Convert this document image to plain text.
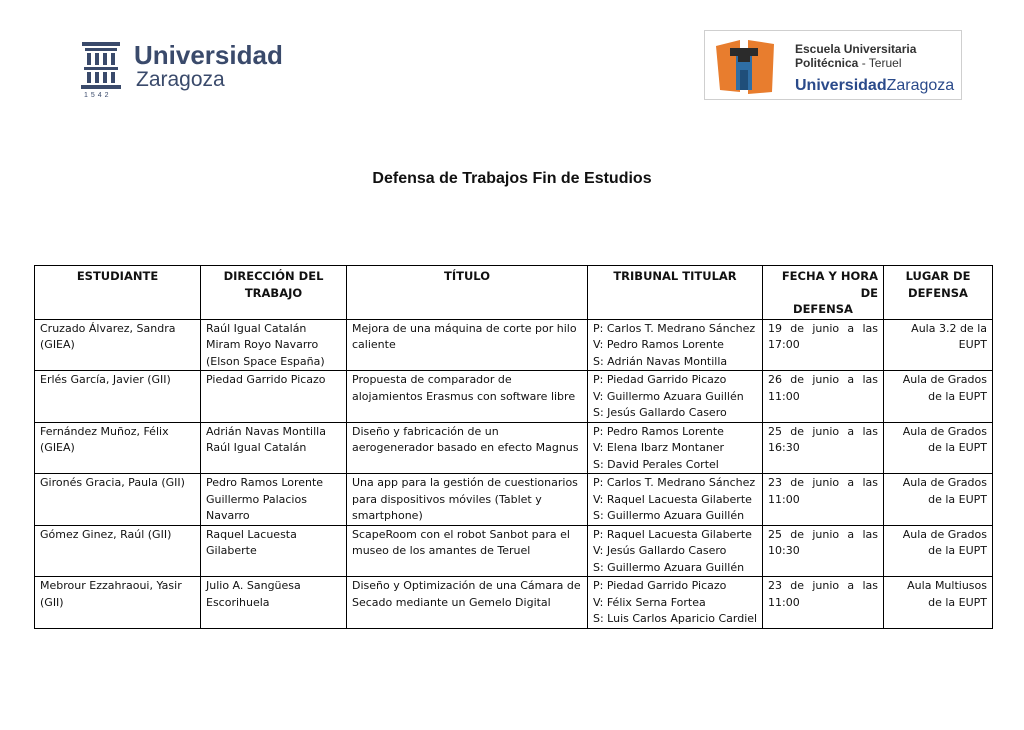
Universidad
Zaragoza
1542
Escuela Universitaria
Politécnica - Teruel
UniversidadZaragoza
Defensa de Trabajos Fin de Estudios
ESTUDIANTE	DIRECCIÓN DEL
TRABAJO	TÍTULO	TRIBUNAL TITULAR	FECHA Y HORA DE
DEFENSA	LUGAR DE
DEFENSA

Cruzado Álvarez, Sandra (GIEA)	Raúl Igual Catalán
Miram Royo Navarro
(Elson Space España)	Mejora de una máquina de corte por hilo caliente	P: Carlos T. Medrano Sánchez
V: Pedro Ramos Lorente
S: Adrián Navas Montilla	19 de junio a las 17:00	Aula 3.2 de la
EUPT

Erlés García, Javier (GII)	Piedad Garrido Picazo	Propuesta de comparador de alojamientos Erasmus con software libre	P: Piedad Garrido Picazo
V: Guillermo Azuara Guillén
S: Jesús Gallardo Casero	26 de junio a las 11:00	Aula de Grados
de la EUPT

Fernández Muñoz, Félix (GIEA)	Adrián Navas Montilla
Raúl Igual Catalán	Diseño y fabricación de un aerogenerador basado en efecto Magnus	P: Pedro Ramos Lorente
V: Elena Ibarz Montaner
S: David Perales Cortel	25 de junio a las 16:30	Aula de Grados
de la EUPT

Gironés Gracia, Paula (GII)	Pedro Ramos Lorente
Guillermo Palacios Navarro	Una app para la gestión de cuestionarios para dispositivos móviles (Tablet y smartphone)	P: Carlos T. Medrano Sánchez
V: Raquel Lacuesta Gilaberte
S: Guillermo Azuara Guillén	23 de junio a las 11:00	Aula de Grados
de la EUPT

Gómez Ginez, Raúl (GII)	Raquel Lacuesta Gilaberte	ScapeRoom con el robot Sanbot para el museo de los amantes de Teruel	P: Raquel Lacuesta Gilaberte
V: Jesús Gallardo Casero
S: Guillermo Azuara Guillén	25 de junio a las 10:30	Aula de Grados
de la EUPT

Mebrour Ezzahraoui, Yasir (GII)	Julio A. Sangüesa Escorihuela	Diseño y Optimización de una Cámara de Secado mediante un Gemelo Digital	P: Piedad Garrido Picazo
V: Félix Serna Fortea
S: Luis Carlos Aparicio Cardiel	23 de junio a las 11:00	Aula Multiusos
de la EUPT
